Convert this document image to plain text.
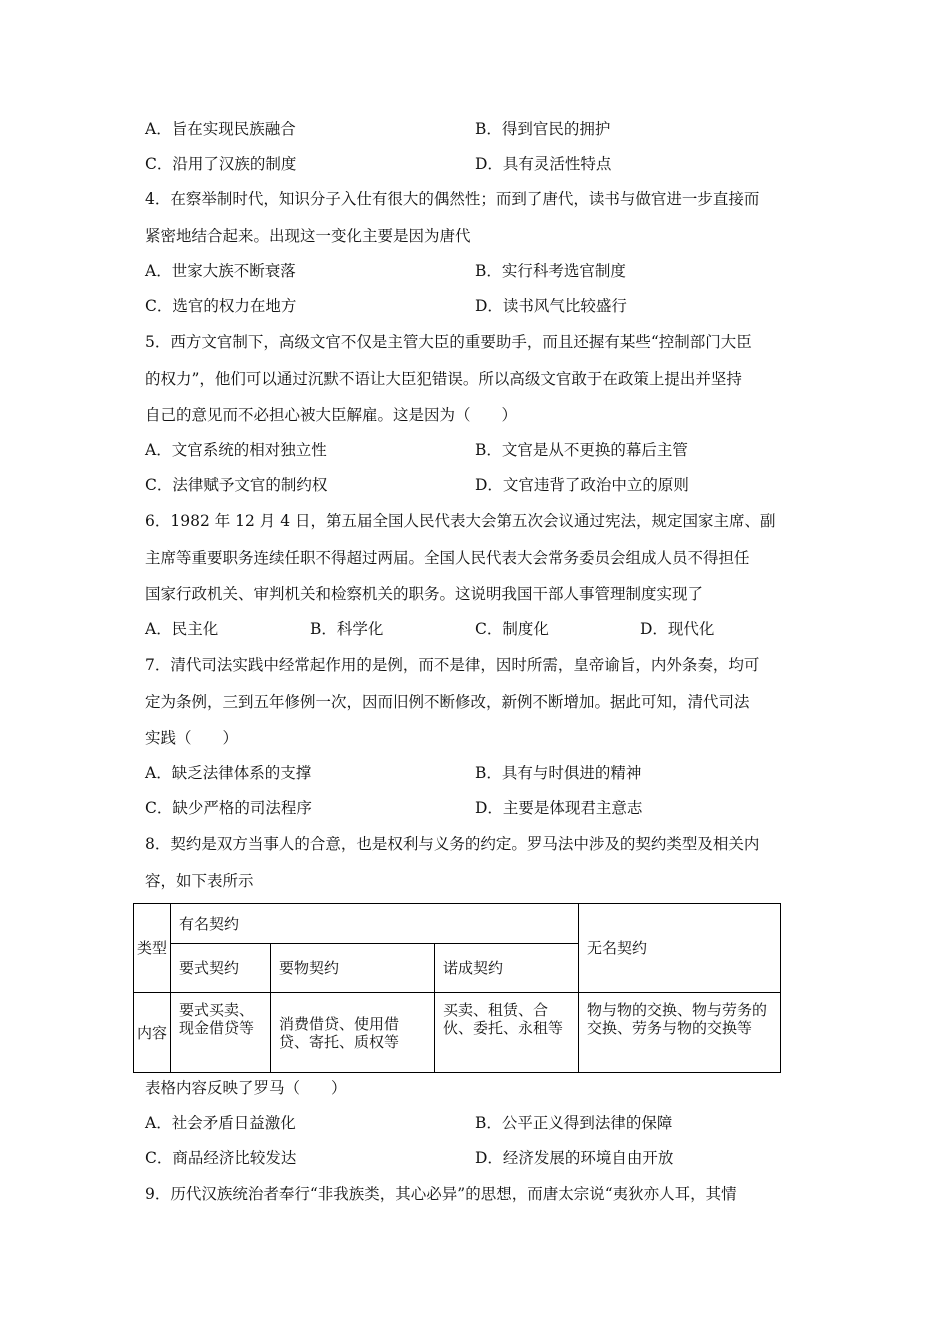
A．旨在实现民族融合	B．得到官民的拥护
C．沿用了汉族的制度	D．具有灵活性特点
4．在察举制时代，知识分子入仕有很大的偶然性；而到了唐代，读书与做官进一步直接而
紧密地结合起来。出现这一变化主要是因为唐代
A．世家大族不断衰落	B．实行科考选官制度
C．选官的权力在地方	D．读书风气比较盛行
5．西方文官制下，高级文官不仅是主管大臣的重要助手，而且还握有某些“控制部门大臣
的权力”，他们可以通过沉默不语让大臣犯错误。所以高级文官敢于在政策上提出并坚持
自己的意见而不必担心被大臣解雇。这是因为（　　）
A．文官系统的相对独立性	B．文官是从不更换的幕后主管
C．法律赋予文官的制约权	D．文官违背了政治中立的原则
6．1982 年 12 月 4 日，第五届全国人民代表大会第五次会议通过宪法，规定国家主席、副
主席等重要职务连续任职不得超过两届。全国人民代表大会常务委员会组成人员不得担任
国家行政机关、审判机关和检察机关的职务。这说明我国干部人事管理制度实现了
A．民主化	B．科学化	C．制度化	D．现代化
7．清代司法实践中经常起作用的是例，而不是律，因时所需，皇帝谕旨，内外条奏，均可
定为条例，三到五年修例一次，因而旧例不断修改，新例不断增加。据此可知，清代司法
实践（　　）
A．缺乏法律体系的支撑	B．具有与时俱进的精神
C．缺少严格的司法程序	D．主要是体现君主意志
8．契约是双方当事人的合意，也是权利与义务的约定。罗马法中涉及的契约类型及相关内
容，如下表所示
类型	有名契约			无名契约
	要式契约	要物契约	诺成契约	
内容	要式买卖、现金借贷等	消费借贷、使用借贷、寄托、质权等	买卖、租赁、合伙、委托、永租等	物与物的交换、物与劳务的交换、劳务与物的交换等
表格内容反映了罗马（　　）
A．社会矛盾日益激化	B．公平正义得到法律的保障
C．商品经济比较发达	D．经济发展的环境自由开放
9．历代汉族统治者奉行“非我族类，其心必异”的思想，而唐太宗说“夷狄亦人耳，其情
